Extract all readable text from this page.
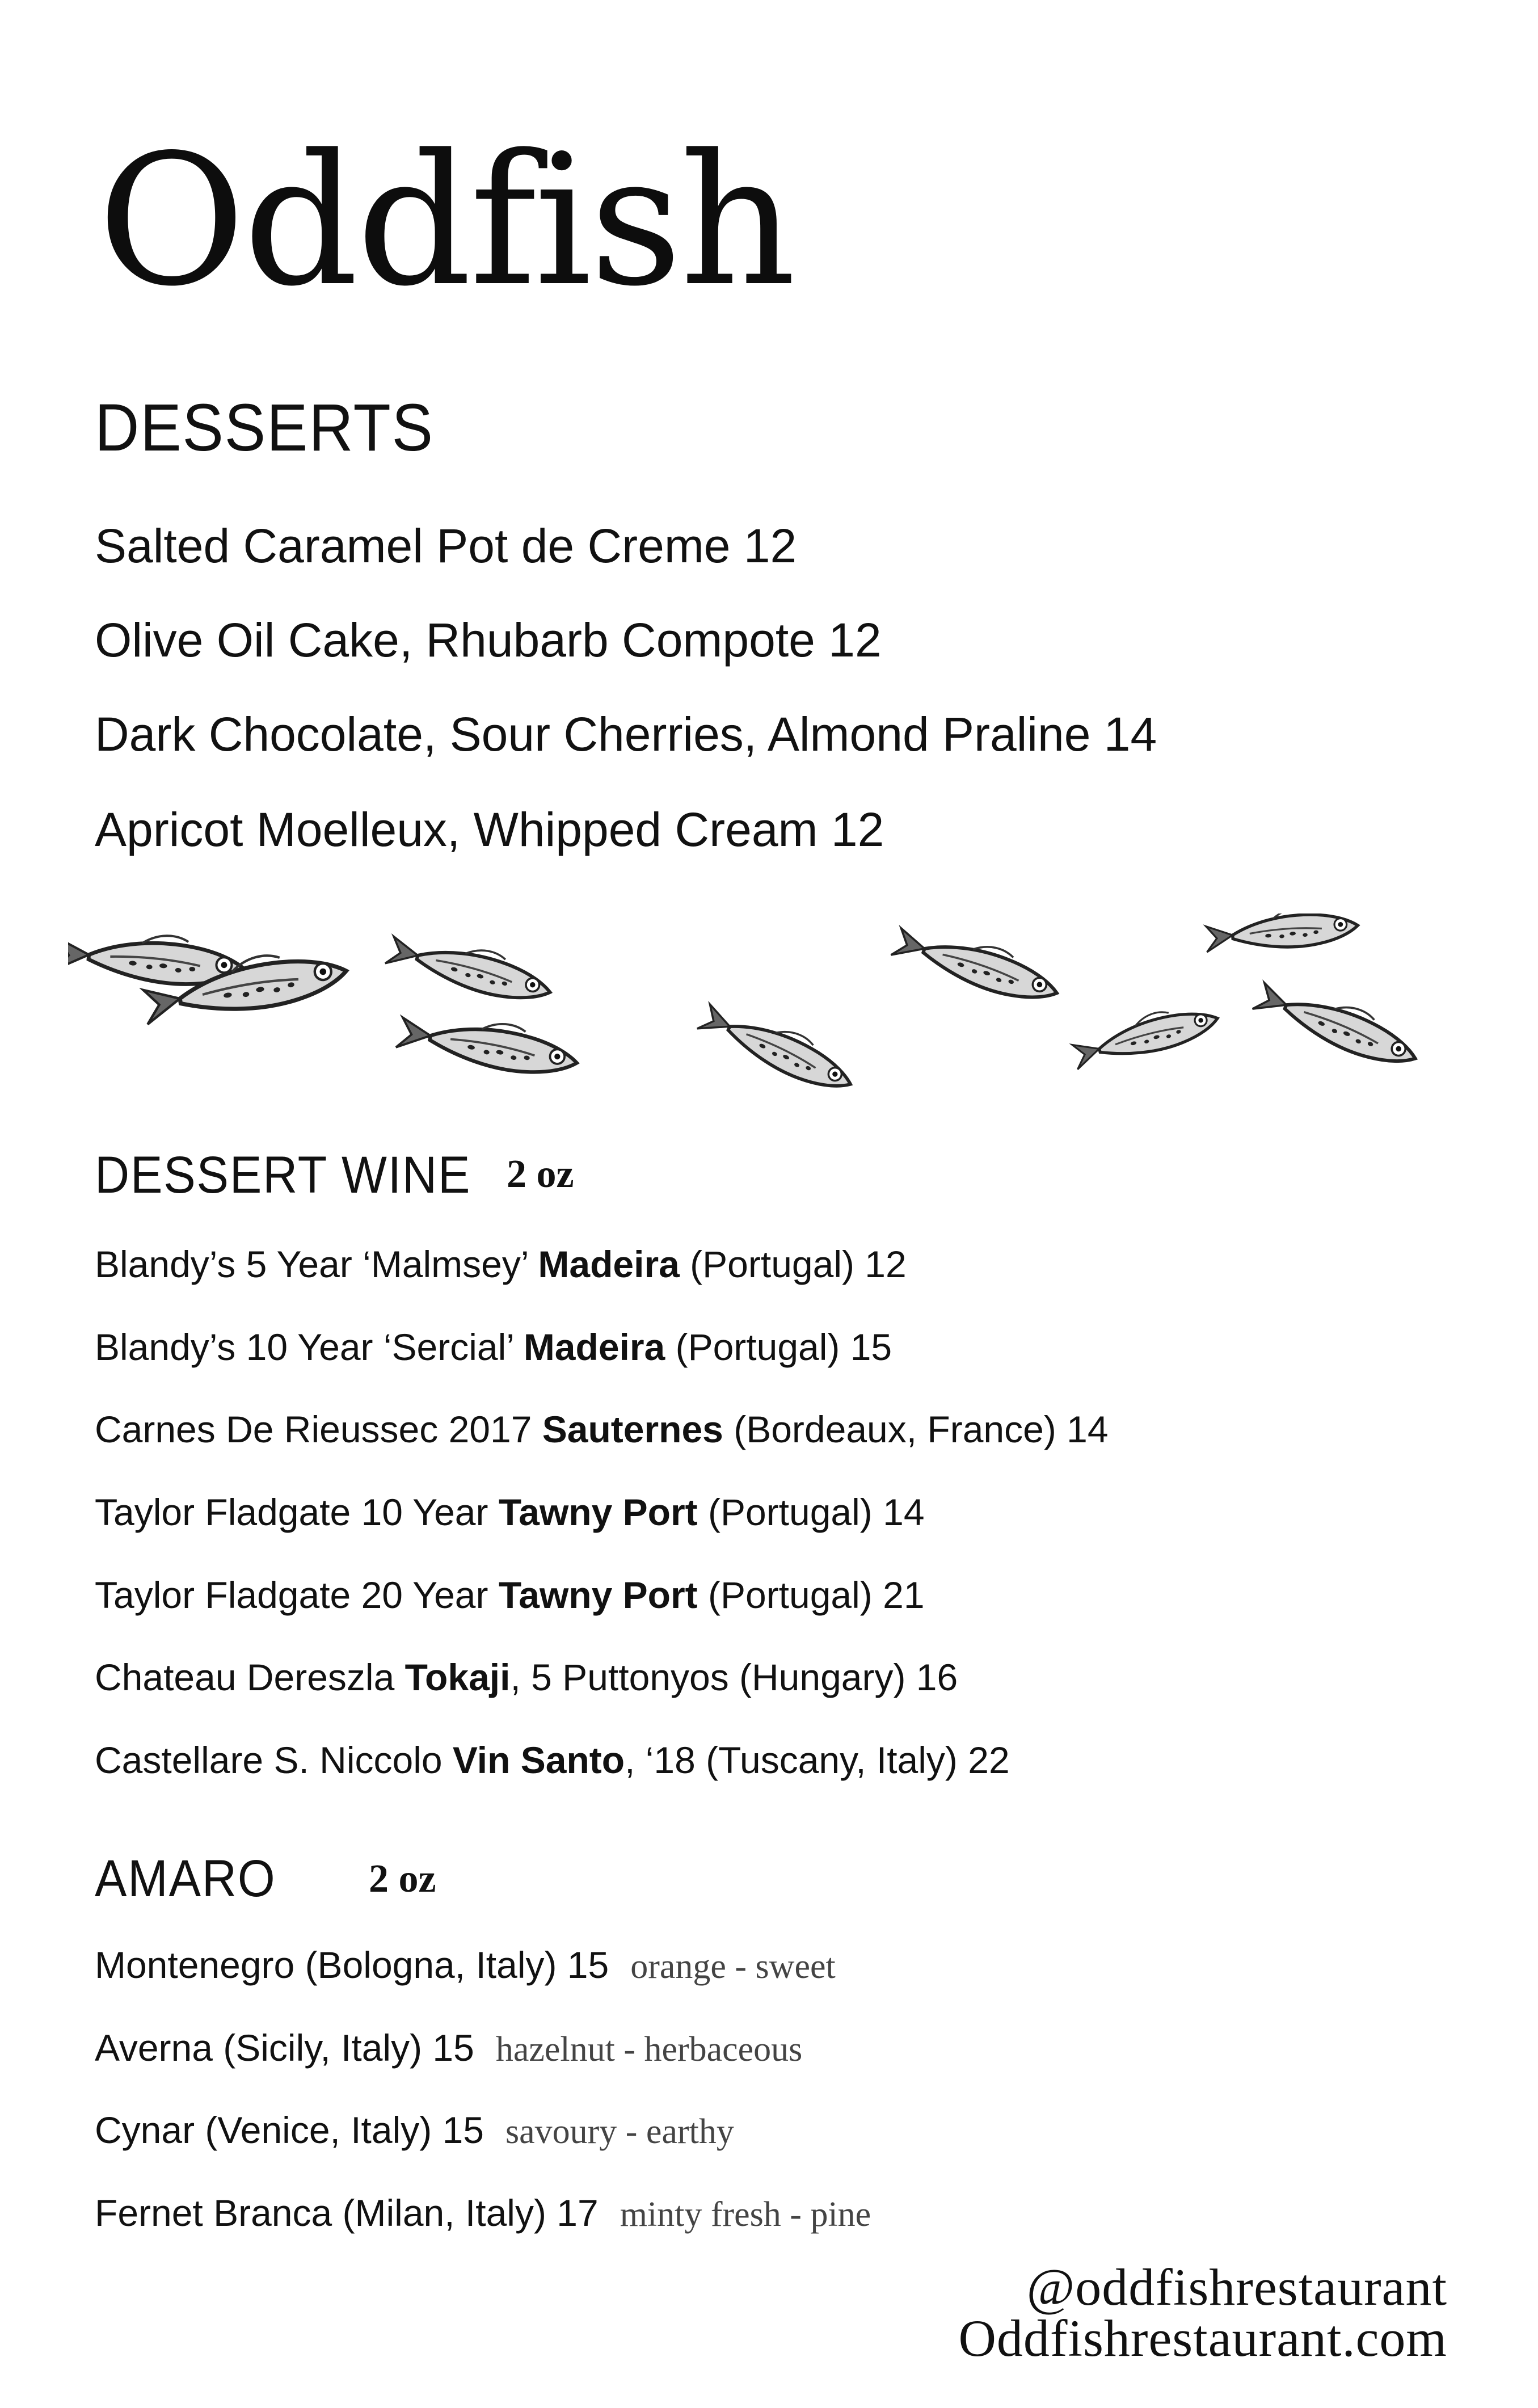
Oddfish
DESSERTS
Salted Caramel Pot de Creme 12
Olive Oil Cake, Rhubarb Compote 12
Dark Chocolate, Sour Cherries, Almond Praline 14
Apricot Moelleux, Whipped Cream 12
DESSERT WINE 2 oz
Blandy’s 5 Year ‘Malmsey’ Madeira (Portugal) 12
Blandy’s 10 Year ‘Sercial’ Madeira (Portugal) 15
Carnes De Rieussec 2017 Sauternes (Bordeaux, France) 14
Taylor Fladgate 10 Year Tawny Port (Portugal) 14
Taylor Fladgate 20 Year Tawny Port (Portugal) 21
Chateau Dereszla Tokaji, 5 Puttonyos (Hungary) 16
Castellare S. Niccolo Vin Santo, ‘18 (Tuscany, Italy) 22
AMARO 2 oz
Montenegro (Bologna, Italy) 15 orange - sweet
Averna (Sicily, Italy) 15 hazelnut - herbaceous
Cynar (Venice, Italy) 15 savoury - earthy
Fernet Branca (Milan, Italy) 17 minty fresh - pine
@oddfishrestaurant
Oddfishrestaurant.com
